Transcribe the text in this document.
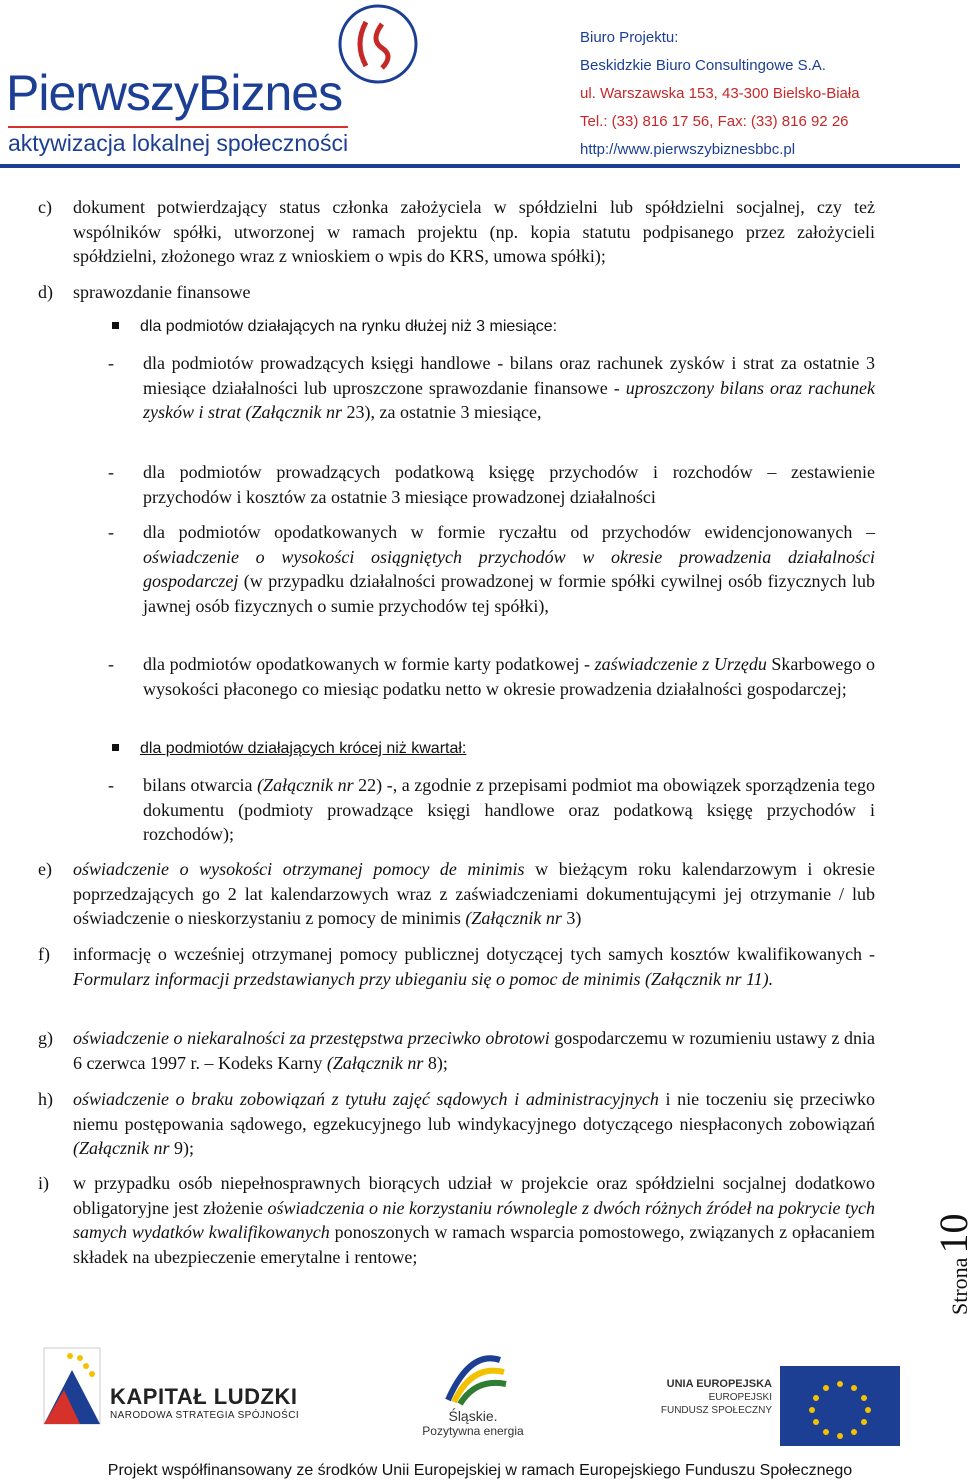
PierwszyBiznes
aktywizacja lokalnej społeczności
Biuro Projektu:
Beskidzkie Biuro Consultingowe S.A.
ul. Warszawska 153, 43-300 Bielsko-Biała
Tel.: (33) 816 17 56, Fax: (33) 816 92 26
http://www.pierwszybiznesbbc.pl
c) dokument potwierdzający status członka założyciela w spółdzielni lub spółdzielni socjalnej, czy też wspólników spółki, utworzonej w ramach projektu (np. kopia statutu podpisanego przez założycieli spółdzielni, złożonego wraz z wnioskiem o wpis do KRS, umowa spółki);
d) sprawozdanie finansowe
dla podmiotów działających na rynku dłużej niż 3 miesiące:
- dla podmiotów prowadzących księgi handlowe - bilans oraz rachunek zysków i strat za ostatnie 3 miesiące działalności lub uproszczone sprawozdanie finansowe - uproszczony bilans oraz rachunek zysków i strat (Załącznik nr 23), za ostatnie 3 miesiące,
- dla podmiotów prowadzących podatkową księgę przychodów i rozchodów – zestawienie przychodów i kosztów za ostatnie 3 miesiące prowadzonej działalności
- dla podmiotów opodatkowanych w formie ryczałtu od przychodów ewidencjonowanych – oświadczenie o wysokości osiągniętych przychodów w okresie prowadzenia działalności gospodarczej (w przypadku działalności prowadzonej w formie spółki cywilnej osób fizycznych lub jawnej osób fizycznych o sumie przychodów tej spółki),
- dla podmiotów opodatkowanych w formie karty podatkowej - zaświadczenie z Urzędu Skarbowego o wysokości płaconego co miesiąc podatku netto w okresie prowadzenia działalności gospodarczej;
dla podmiotów działających krócej niż kwartał:
- bilans otwarcia (Załącznik nr 22) -, a zgodnie z przepisami podmiot ma obowiązek sporządzenia tego dokumentu (podmioty prowadzące księgi handlowe oraz podatkową księgę przychodów i rozchodów);
e) oświadczenie o wysokości otrzymanej pomocy de minimis w bieżącym roku kalendarzowym i okresie poprzedzających go 2 lat kalendarzowych wraz z zaświadczeniami dokumentującymi jej otrzymanie / lub oświadczenie o nieskorzystaniu z pomocy de minimis (Załącznik nr 3)
f) informację o wcześniej otrzymanej pomocy publicznej dotyczącej tych samych kosztów kwalifikowanych - Formularz informacji przedstawianych przy ubieganiu się o pomoc de minimis (Załącznik nr 11).
g) oświadczenie o niekaralności za przestępstwa przeciwko obrotowi gospodarczemu w rozumieniu ustawy z dnia 6 czerwca 1997 r. – Kodeks Karny (Załącznik nr 8);
h) oświadczenie o braku zobowiązań z tytułu zajęć sądowych i administracyjnych i nie toczeniu się przeciwko niemu postępowania sądowego, egzekucyjnego lub windykacyjnego dotyczącego niespłaconych zobowiązań (Załącznik nr 9);
i) w przypadku osób niepełnosprawnych biorących udział w projekcie oraz spółdzielni socjalnej dodatkowo obligatoryjne jest złożenie oświadczenia o nie korzystaniu równolegle z dwóch różnych źródeł na pokrycie tych samych wydatków kwalifikowanych ponoszonych w ramach wsparcia pomostowego, związanych z opłacaniem składek na ubezpieczenie emerytalne i rentowe;
Strona 10
KAPITAŁ LUDZKI
NARODOWA STRATEGIA SPÓJNOŚCI	Śląskie.
Pozytywna energia
UNIA EUROPEJSKA
EUROPEJSKI
FUNDUSZ SPOŁECZNY
Projekt współfinansowany ze środków Unii Europejskiej w ramach Europejskiego Funduszu Społecznego
